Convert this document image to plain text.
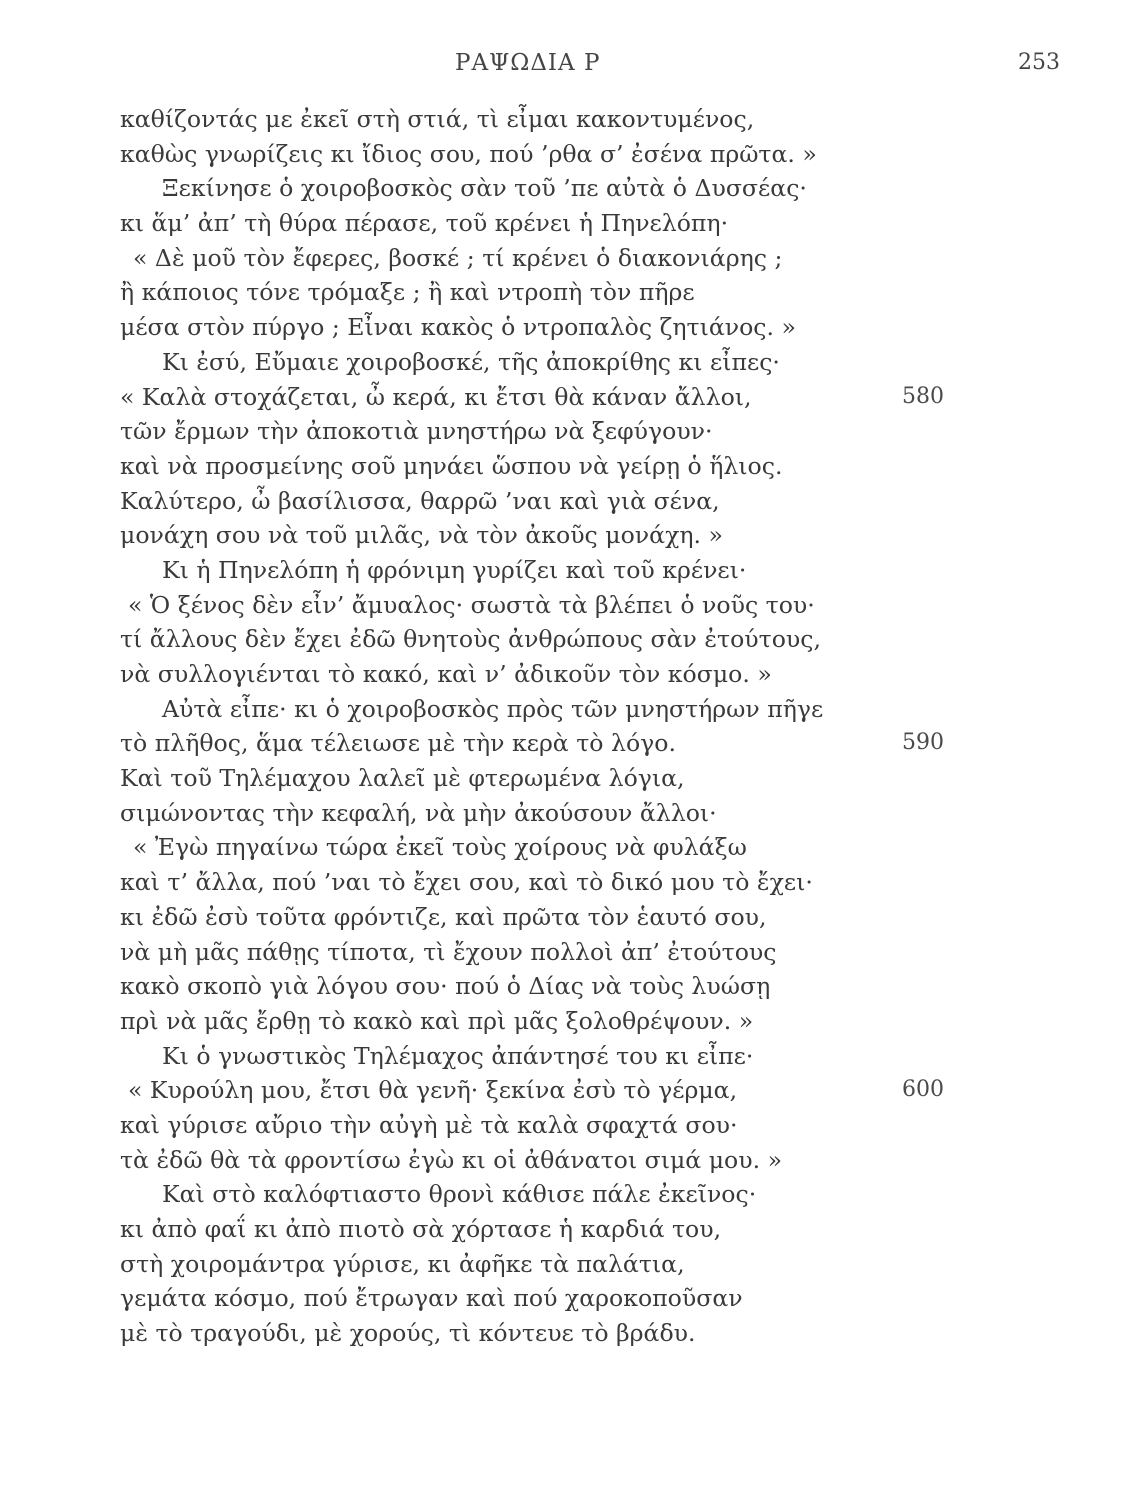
ΡΑΨΩΔΙΑ Ρ	253
καθίζοντάς με ἐκεῖ στὴ στιά, τὶ εἶμαι κακοντυμένος,
καθὼς γνωρίζεις κι ἴδιος σου, πού ’ρθα σ’ ἐσένα πρῶτα. »
Ξεκίνησε ὁ χοιροβοσκὸς σὰν τοῦ ’πε αὐτὰ ὁ Δυσσέας·
κι ἅμ’ ἀπ’ τὴ θύρα πέρασε, τοῦ κρένει ἡ Πηνελόπη·
« Δὲ μοῦ τὸν ἔφερες, βοσκέ ; τί κρένει ὁ διακονιάρης ;
ἢ κάποιος τόνε τρόμαξε ; ἢ καὶ ντροπὴ τὸν πῆρε
μέσα στὸν πύργο ; Εἶναι κακὸς ὁ ντροπαλὸς ζητιάνος. »
Κι ἐσύ, Εὔμαιε χοιροβοσκέ, τῆς ἀποκρίθης κι εἶπες·
« Καλὰ στοχάζεται, ὦ κερά, κι ἔτσι θὰ κάναν ἄλλοι,	580
τῶν ἔρμων τὴν ἀποκοτιὰ μνηστήρω νὰ ξεφύγουν·
καὶ νὰ προσμείνης σοῦ μηνάει ὥσπου νὰ γείρῃ ὁ ἥλιος.
Καλύτερο, ὦ βασίλισσα, θαρρῶ ’ναι καὶ γιὰ σένα,
μονάχη σου νὰ τοῦ μιλᾶς, νὰ τὸν ἀκοῦς μονάχη. »
Κι ἡ Πηνελόπη ἡ φρόνιμη γυρίζει καὶ τοῦ κρένει·
« Ὁ ξένος δὲν εἶν’ ἄμυαλος· σωστὰ τὰ βλέπει ὁ νοῦς του·
τί ἄλλους δὲν ἔχει ἐδῶ θνητοὺς ἀνθρώπους σὰν ἐτούτους,
νὰ συλλογιένται τὸ κακό, καὶ ν’ ἀδικοῦν τὸν κόσμο. »
Αὐτὰ εἶπε· κι ὁ χοιροβοσκὸς πρὸς τῶν μνηστήρων πῆγε
τὸ πλῆθος, ἅμα τέλειωσε μὲ τὴν κερὰ τὸ λόγο.	590
Καὶ τοῦ Τηλέμαχου λαλεῖ μὲ φτερωμένα λόγια,
σιμώνοντας τὴν κεφαλή, νὰ μὴν ἀκούσουν ἄλλοι·
« Ἐγὼ πηγαίνω τώρα ἐκεῖ τοὺς χοίρους νὰ φυλάξω
καὶ τ’ ἄλλα, πού ’ναι τὸ ἔχει σου, καὶ τὸ δικό μου τὸ ἔχει·
κι ἐδῶ ἐσὺ τοῦτα φρόντιζε, καὶ πρῶτα τὸν ἑαυτό σου,
νὰ μὴ μᾶς πάθῃς τίποτα, τὶ ἔχουν πολλοὶ ἀπ’ ἐτούτους
κακὸ σκοπὸ γιὰ λόγου σου· πού ὁ Δίας νὰ τοὺς λυώσῃ
πρὶ νὰ μᾶς ἔρθῃ τὸ κακὸ καὶ πρὶ μᾶς ξολοθρέψουν. »
Κι ὁ γνωστικὸς Τηλέμαχος ἀπάντησέ του κι εἶπε·
« Κυρούλη μου, ἔτσι θὰ γενῆ· ξεκίνα ἐσὺ τὸ γέρμα,	600
καὶ γύρισε αὔριο τὴν αὐγὴ μὲ τὰ καλὰ σφαχτά σου·
τὰ ἐδῶ θὰ τὰ φροντίσω ἐγὼ κι οἱ ἀθάνατοι σιμά μου. »
Καὶ στὸ καλόφτιαστο θρονὶ κάθισε πάλε ἐκεῖνος·
κι ἀπὸ φαΐ κι ἀπὸ πιοτὸ σὰ χόρτασε ἡ καρδιά του,
στὴ χοιρομάντρα γύρισε, κι ἀφῆκε τὰ παλάτια,
γεμάτα κόσμο, πού ἔτρωγαν καὶ πού χαροκοποῦσαν
μὲ τὸ τραγούδι, μὲ χορούς, τὶ κόντευε τὸ βράδυ.
